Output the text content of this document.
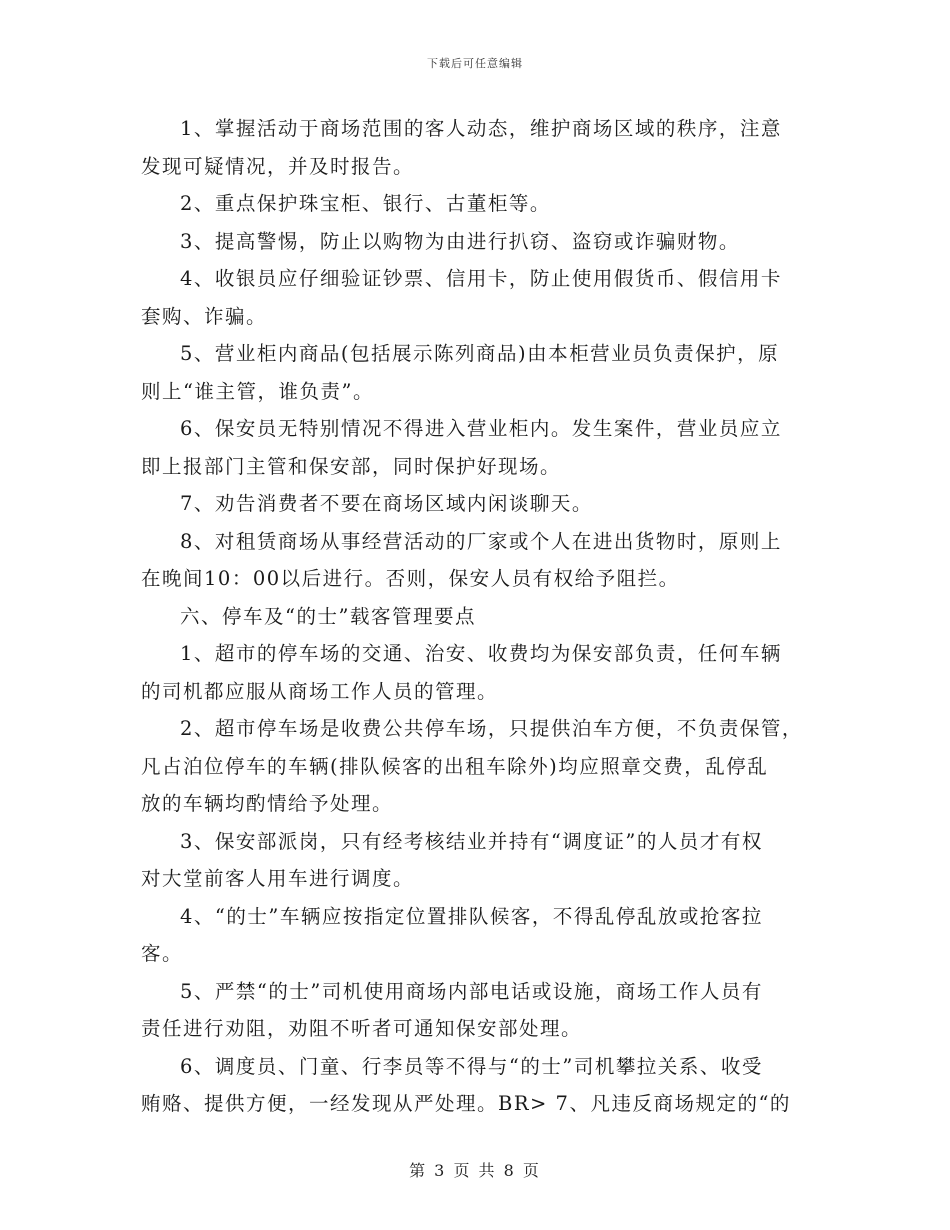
下载后可任意编辑

1、掌握活动于商场范围的客人动态，维护商场区域的秩序，注意
发现可疑情况，并及时报告。

2、重点保护珠宝柜、银行、古董柜等。

3、提高警惕，防止以购物为由进行扒窃、盗窃或诈骗财物。

4、收银员应仔细验证钞票、信用卡，防止使用假货币、假信用卡
套购、诈骗。

5、营业柜内商品(包括展示陈列商品)由本柜营业员负责保护，原
则上“谁主管，谁负责”。

6、保安员无特别情况不得进入营业柜内。发生案件，营业员应立
即上报部门主管和保安部，同时保护好现场。

7、劝告消费者不要在商场区域内闲谈聊天。

8、对租赁商场从事经营活动的厂家或个人在进出货物时，原则上
在晚间10：00以后进行。否则，保安人员有权给予阻拦。

六、停车及“的士”载客管理要点

1、超市的停车场的交通、治安、收费均为保安部负责，任何车辆
的司机都应服从商场工作人员的管理。

2、超市停车场是收费公共停车场，只提供泊车方便，不负责保管，
凡占泊位停车的车辆(排队候客的出租车除外)均应照章交费，乱停乱
放的车辆均酌情给予处理。

3、保安部派岗，只有经考核结业并持有“调度证”的人员才有权
对大堂前客人用车进行调度。

4、“的士”车辆应按指定位置排队候客，不得乱停乱放或抢客拉
客。

5、严禁“的士”司机使用商场内部电话或设施，商场工作人员有
责任进行劝阻，劝阻不听者可通知保安部处理。

6、调度员、门童、行李员等不得与“的士”司机攀拉关系、收受
贿赂、提供方便，一经发现从严处理。BR> 7、凡违反商场规定的“的

第 3 页 共 8 页
